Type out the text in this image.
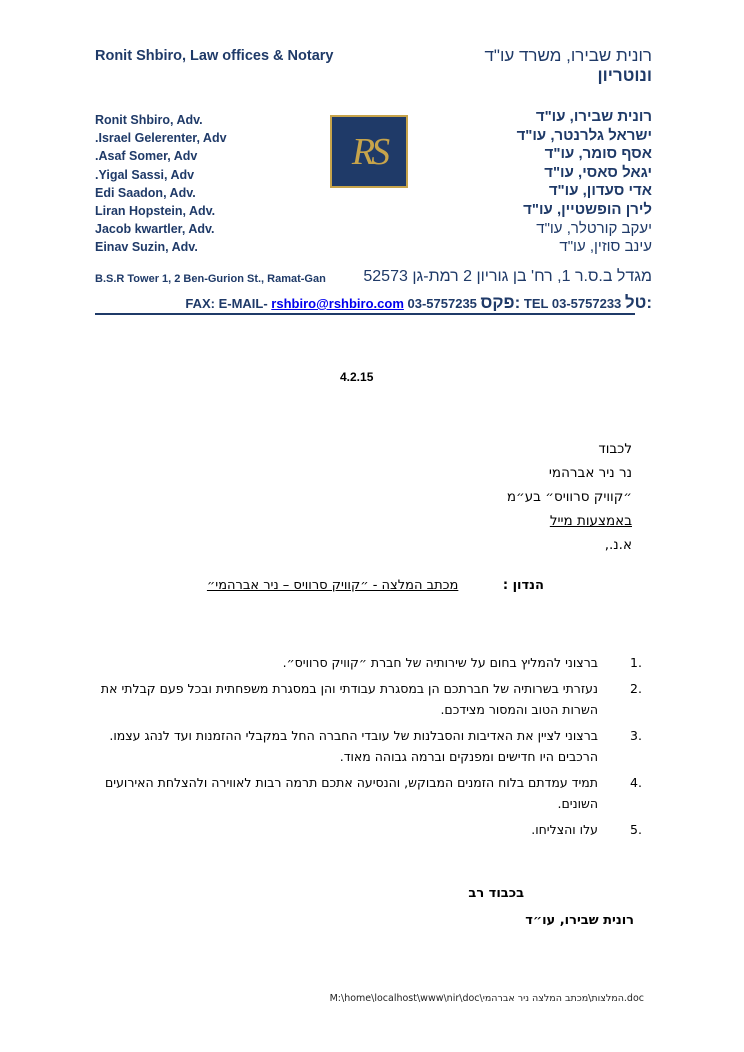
Ronit Shbiro, Law offices & Notary	רונית שבירו, משרד עו"ד
ונוטריון
Ronit Shbiro, Adv.
.Israel Gelerenter, Adv
.Asaf Somer, Adv
.Yigal Sassi, Adv
Edi Saadon, Adv.
Liran Hopstein, Adv.
Jacob kwartler, Adv.
Einav Suzin, Adv.
RS
רונית שבירו, עו"ד
ישראל גלרנטר, עו"ד
אסף סומר, עו"ד
יגאל סאסי, עו"ד
אדי סעדון, עו"ד
לירן הופשטיין, עו"ד
יעקב קורטלר, עו"ד
עינב סוזין, עו"ד
B.S.R Tower 1, 2 Ben-Gurion St., Ramat-Gan	מגדל ב.ס.ר 1, רח' בן גוריון 2 רמת-גן 52573
FAX: E-MAIL- rshbiro@rshbiro.com 03-5757235 פקס: TEL 03-5757233 טל:
4.2.15
לכבוד
נר ניר אברהמי
״קוויק סרוויס״ בע״מ
באמצעות מייל
א.נ.,
הנדון : מכתב המלצה - ״קוויק סרוויס – ניר אברהמי״
1.
ברצוני להמליץ בחום על שירותיה של חברת ״קוויק סרוויס״.
2.
נעזרתי בשרותיה של חברתכם הן במסגרת עבודתי והן במסגרת משפחתית ובכל פעם קבלתי את השרות הטוב והמסור מצידכם.
3.
ברצוני לציין את האדיבות והסבלנות של עובדי החברה החל במקבלי ההזמנות ועד לנהג עצמו. הרכבים היו חדישים ומפנקים וברמה גבוהה מאוד.
4.
תמיד עמדתם בלוח הזמנים המבוקש, והנסיעה אתכם תרמה רבות לאווירה ולהצלחת האירועים השונים.
5.
עלו והצליחו.
בכבוד רב
רונית שבירו, עו״ד
M:\home\localhost\www\nir\doc\המלצות\מכתב המלצה ניר אברהמי.doc
